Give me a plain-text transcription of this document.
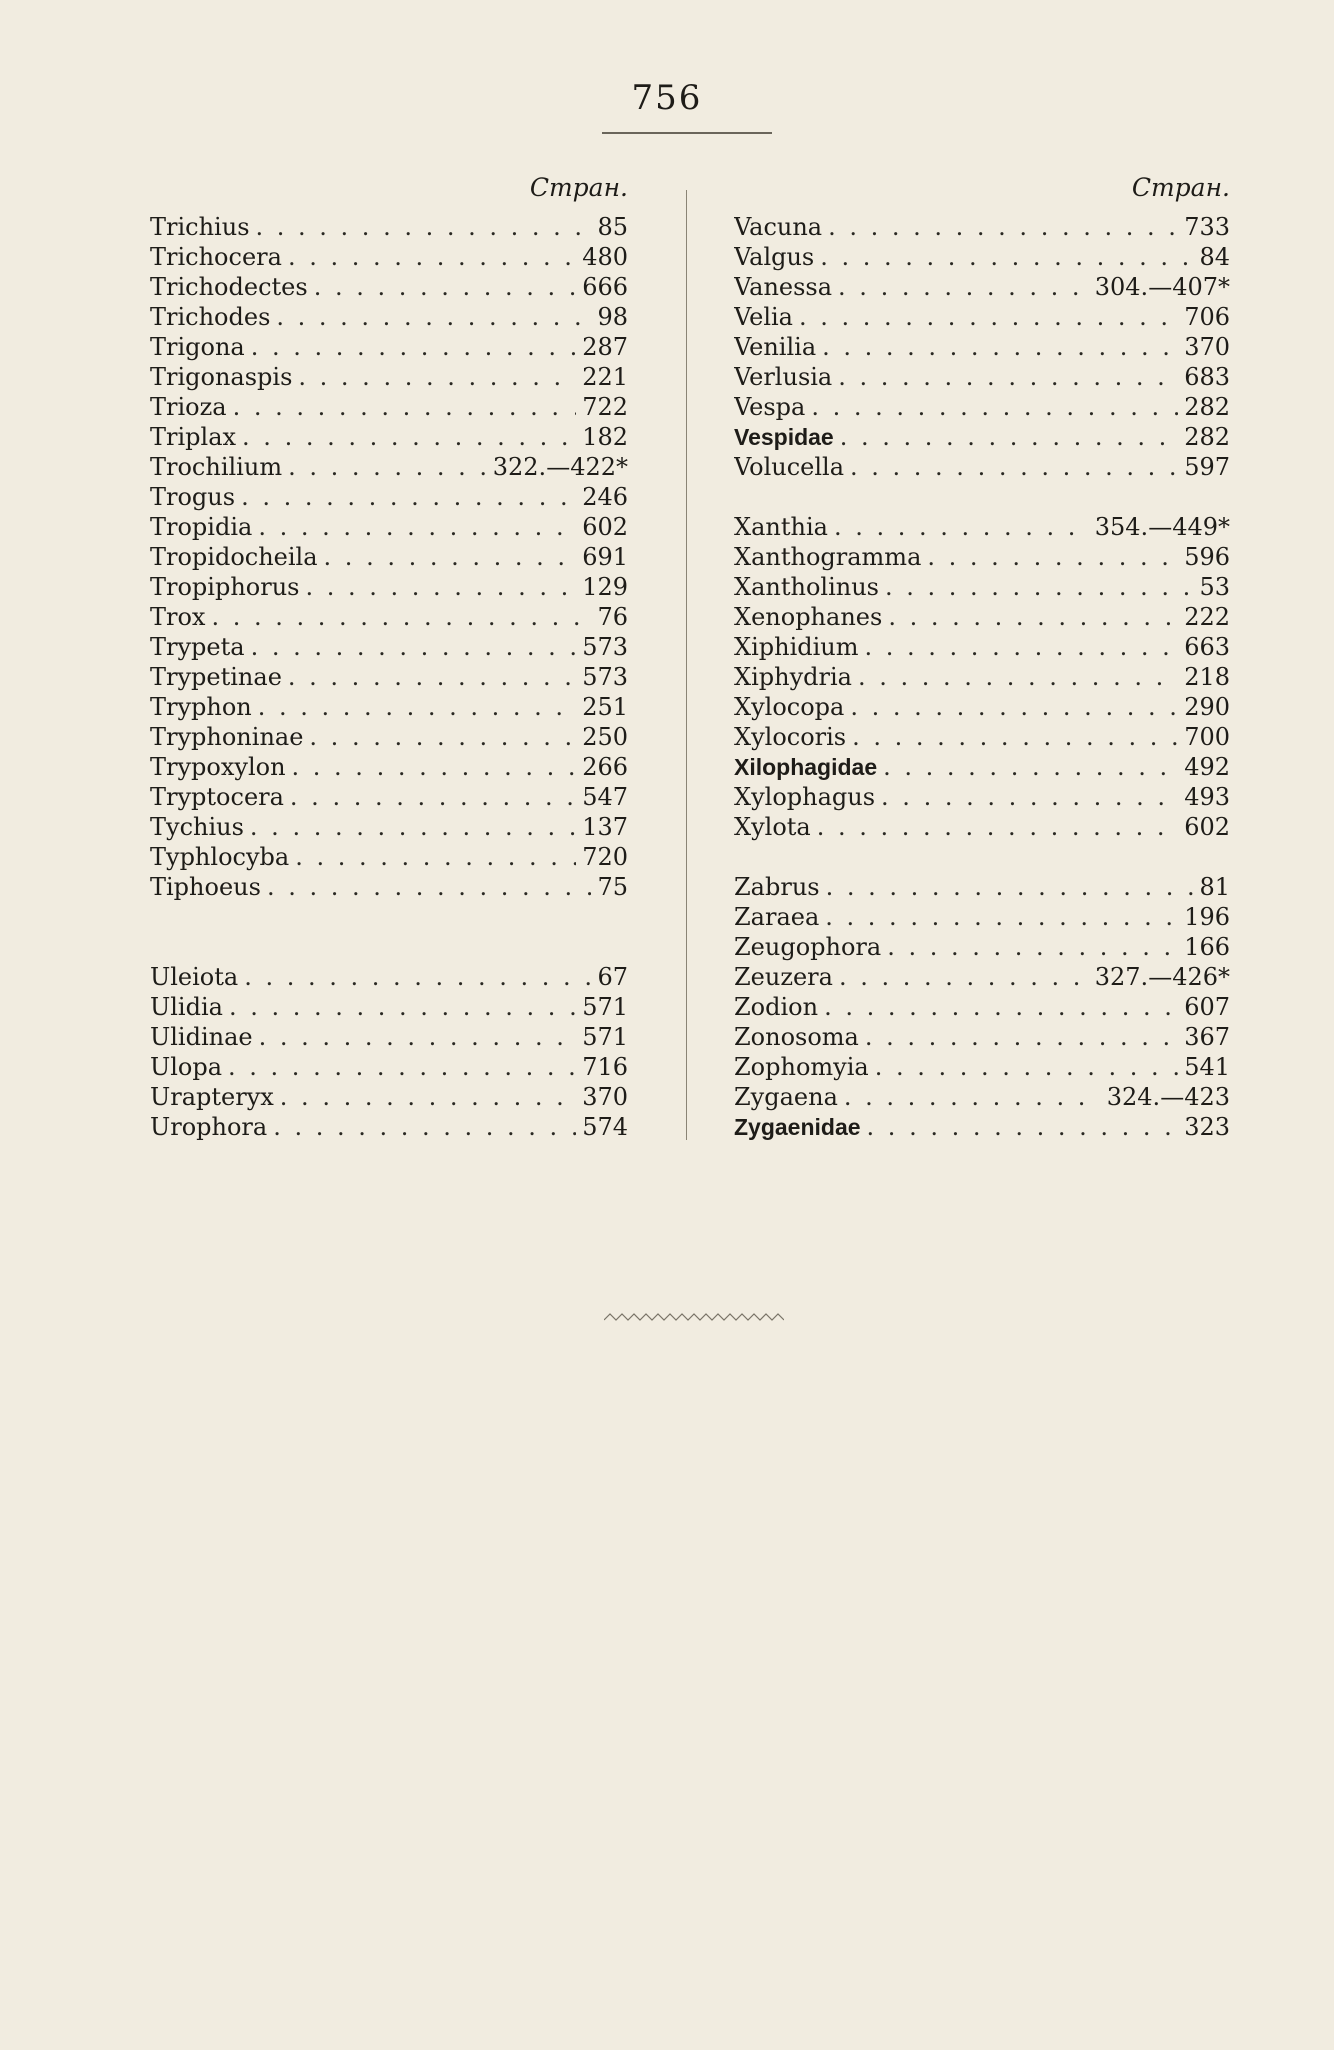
756
Стран.
Trichius . . .	85
Trichocera . . .	480
Trichodectes . . .	666
Trichodes . . .	98
Trigona . . .	287
Trigonaspis . . .	221
Trioza . . .	722
Triplax . . .	182
Trochilium . . .	322.—422*
Trogus . . .	246
Tropidia . . .	602
Tropidocheila . . .	691
Tropiphorus . . .	129
Trox . . .	76
Trypeta . . .	573
Trypetinae . . .	573
Tryphon . . .	251
Tryphoninae . . .	250
Trypoxylon . . .	266
Tryptocera . . .	547
Tychius . . .	137
Typhlocyba . . .	720
Tiphoeus . . .	75
Uleiota . . .	67
Ulidia . . .	571
Ulidinae . . .	571
Ulopa . . .	716
Urapteryx . . .	370
Urophora . . .	574
Стран.
Vacuna . . .	733
Valgus . . .	84
Vanessa . . .	304.—407*
Velia . . .	706
Venilia . . .	370
Verlusia . . .	683
Vespa . . .	282
Vespidae . . .	282
Volucella . . .	597
Xanthia . . .	354.—449*
Xanthogramma . . .	596
Xantholinus . . .	53
Xenophanes . . .	222
Xiphidium . . .	663
Xiphydria . . .	218
Xylocopa . . .	290
Xylocoris . . .	700
Xilophagidae . . .	492
Xylophagus . . .	493
Xylota . . .	602
Zabrus . . .	81
Zaraea . . .	196
Zeugophora . . .	166
Zeuzera . . .	327.—426*
Zodion . . .	607
Zonosoma . . .	367
Zophomyia . . .	541
Zygaena . . .	324.—423
Zygaenidae . . .	323
